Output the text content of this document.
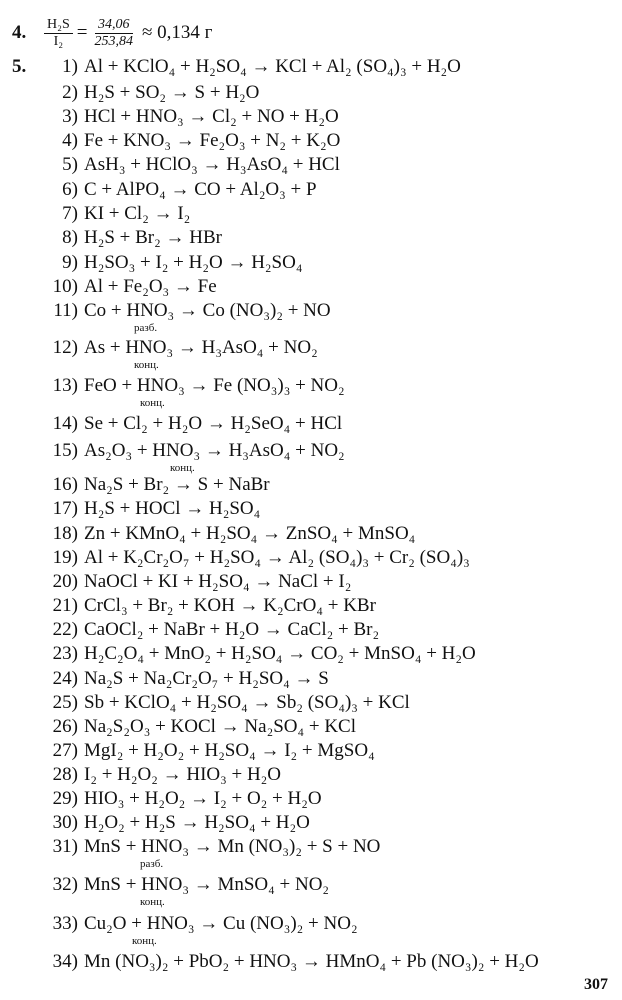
4.	$\frac{\text{H₂S}}{\text{I₂}} = \frac{34,06}{253,84} \approx 0,134$ г
5.	1) Al + KClO₄ + H₂SO₄ → KCl + Al₂ (SO₄)₃ + H₂O
2) H₂S + SO₂ → S + H₂O
3) HCl + HNO₃ → Cl₂ + NO + H₂O
4) Fe + KNO₃ → Fe₂O₃ + N₂ + K₂O
5) AsH₃ + HClO₃ → H₃AsO₄ + HCl
6) C + AlPO₄ → CO + Al₂O₃ + P
7) KI + Cl₂ → I₂
8) H₂S + Br₂ → HBr
9) H₂SO₃ + I₂ + H₂O → H₂SO₄
10) Al + Fe₂O₃ → Fe
11) Co + HNO₃ → Co (NO₃)₂ + NO
разб.
12) As + HNO₃ → H₃AsO₄ + NO₂
конц.
13) FeO + HNO₃ → Fe (NO₃)₃ + NO₂
конц.
14) Se + Cl₂ + H₂O → H₂SeO₄ + HCl
15) As₂O₃ + HNO₃ → H₃AsO₄ + NO₂
конц.
16) Na₂S + Br₂ → S + NaBr
17) H₂S + HOCl → H₂SO₄
18) Zn + KMnO₄ + H₂SO₄ → ZnSO₄ + MnSO₄
19) Al + K₂Cr₂O₇ + H₂SO₄ → Al₂ (SO₄)₃ + Cr₂ (SO₄)₃
20) NaOCl + KI + H₂SO₄ → NaCl + I₂
21) CrCl₃ + Br₂ + KOH → K₂CrO₄ + KBr
22) CaOCl₂ + NaBr + H₂O → CaCl₂ + Br₂
23) H₂C₂O₄ + MnO₂ + H₂SO₄ → CO₂ + MnSO₄ + H₂O
24) Na₂S + Na₂Cr₂O₇ + H₂SO₄ → S
25) Sb + KClO₄ + H₂SO₄ → Sb₂ (SO₄)₃ + KCl
26) Na₂S₂O₃ + KOCl → Na₂SO₄ + KCl
27) MgI₂ + H₂O₂ + H₂SO₄ → I₂ + MgSO₄
28) I₂ + H₂O₂ → HIO₃ + H₂O
29) HIO₃ + H₂O₂ → I₂ + O₂ + H₂O
30) H₂O₂ + H₂S → H₂SO₄ + H₂O
31) MnS + HNO₃ → Mn (NO₃)₂ + S + NO
разб.
32) MnS + HNO₃ → MnSO₄ + NO₂
конц.
33) Cu₂O + HNO₃ → Cu (NO₃)₂ + NO₂
конц.
34) Mn (NO₃)₂ + PbO₂ + HNO₃ → HMnO₄ + Pb (NO₃)₂ + H₂O
307
